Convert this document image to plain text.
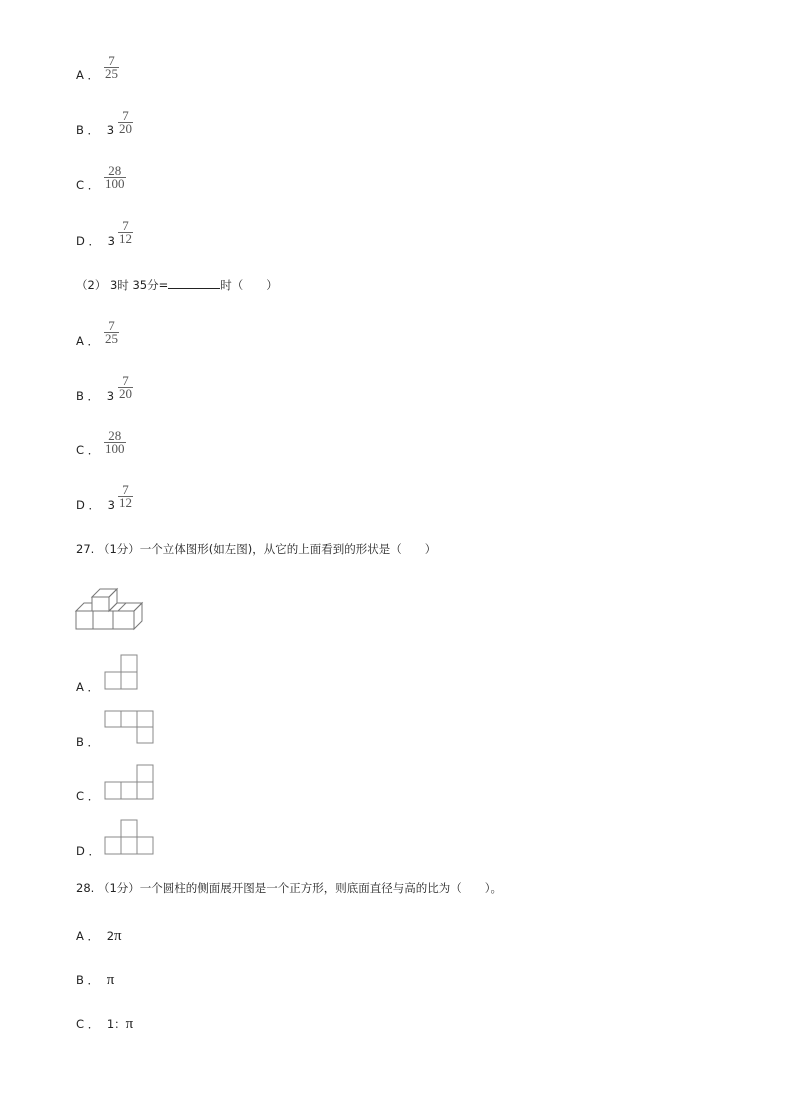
A ． $\frac{7}{25}$
B ． $3 \frac{7}{20}$
C ． $\frac{28}{100}$
D ． $3 \frac{7}{12}$
（2） 3时 35分=	时（　　）
A ． $\frac{7}{25}$
B ． $3 \frac{7}{20}$
C ． $\frac{28}{100}$
D ． $3 \frac{7}{12}$
27. （1分）一个立体图形(如左图)，从它的上面看到的形状是（　　）
A ．
B ．
C ．
D ．
28. （1分）一个圆柱的侧面展开图是一个正方形，则底面直径与高的比为（　　）。
A ． 2π
B ． π
C ． 1：π
